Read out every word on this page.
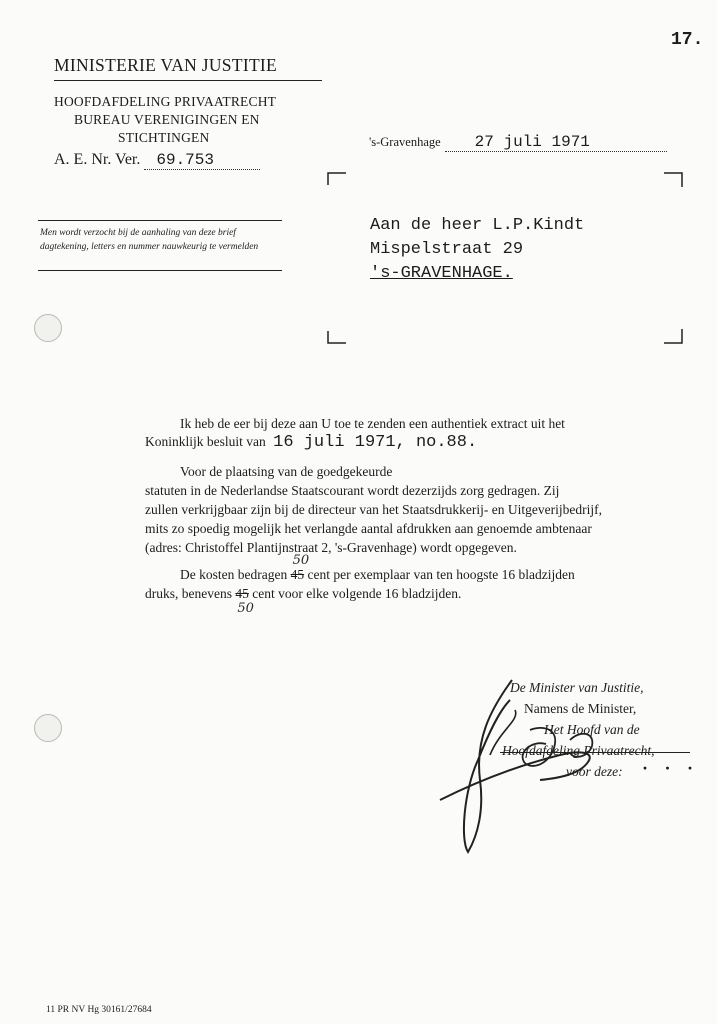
17.
MINISTERIE VAN JUSTITIE
HOOFDAFDELING PRIVAATRECHT
BUREAU VERENIGINGEN EN
STICHTINGEN
A. E. Nr. Ver. 69.753
's-Gravenhage 27 juli 1971
Men wordt verzocht bij de aanhaling van deze brief dagtekening, letters en nummer nauwkeurig te vermelden
Aan de heer L.P.Kindt
Mispelstraat 29
's-GRAVENHAGE.
Ik heb de eer bij deze aan U toe te zenden een authentiek extract uit het
Koninklijk besluit van 16 juli 1971, no.88.
Voor de plaatsing van de goedgekeurde
statuten in de Nederlandse Staatscourant wordt dezerzijds zorg gedragen. Zij
zullen verkrijgbaar zijn bij de directeur van het Staatsdrukkerij- en Uitgeverijbedrijf,
mits zo spoedig mogelijk het verlangde aantal afdrukken aan genoemde ambtenaar
(adres: Christoffel Plantijnstraat 2, 's-Gravenhage) wordt opgegeven.
De kosten bedragen 45
50
cent per exemplaar van ten hoogste 16 bladzijden
druks, benevens 45
50
cent voor elke volgende 16 bladzijden.
De Minister van Justitie,
Namens de Minister,
Het Hoofd van de
Hoofdafdeling Privaatrecht,
voor deze: · · ·
11 PR NV Hg 30161/27684
